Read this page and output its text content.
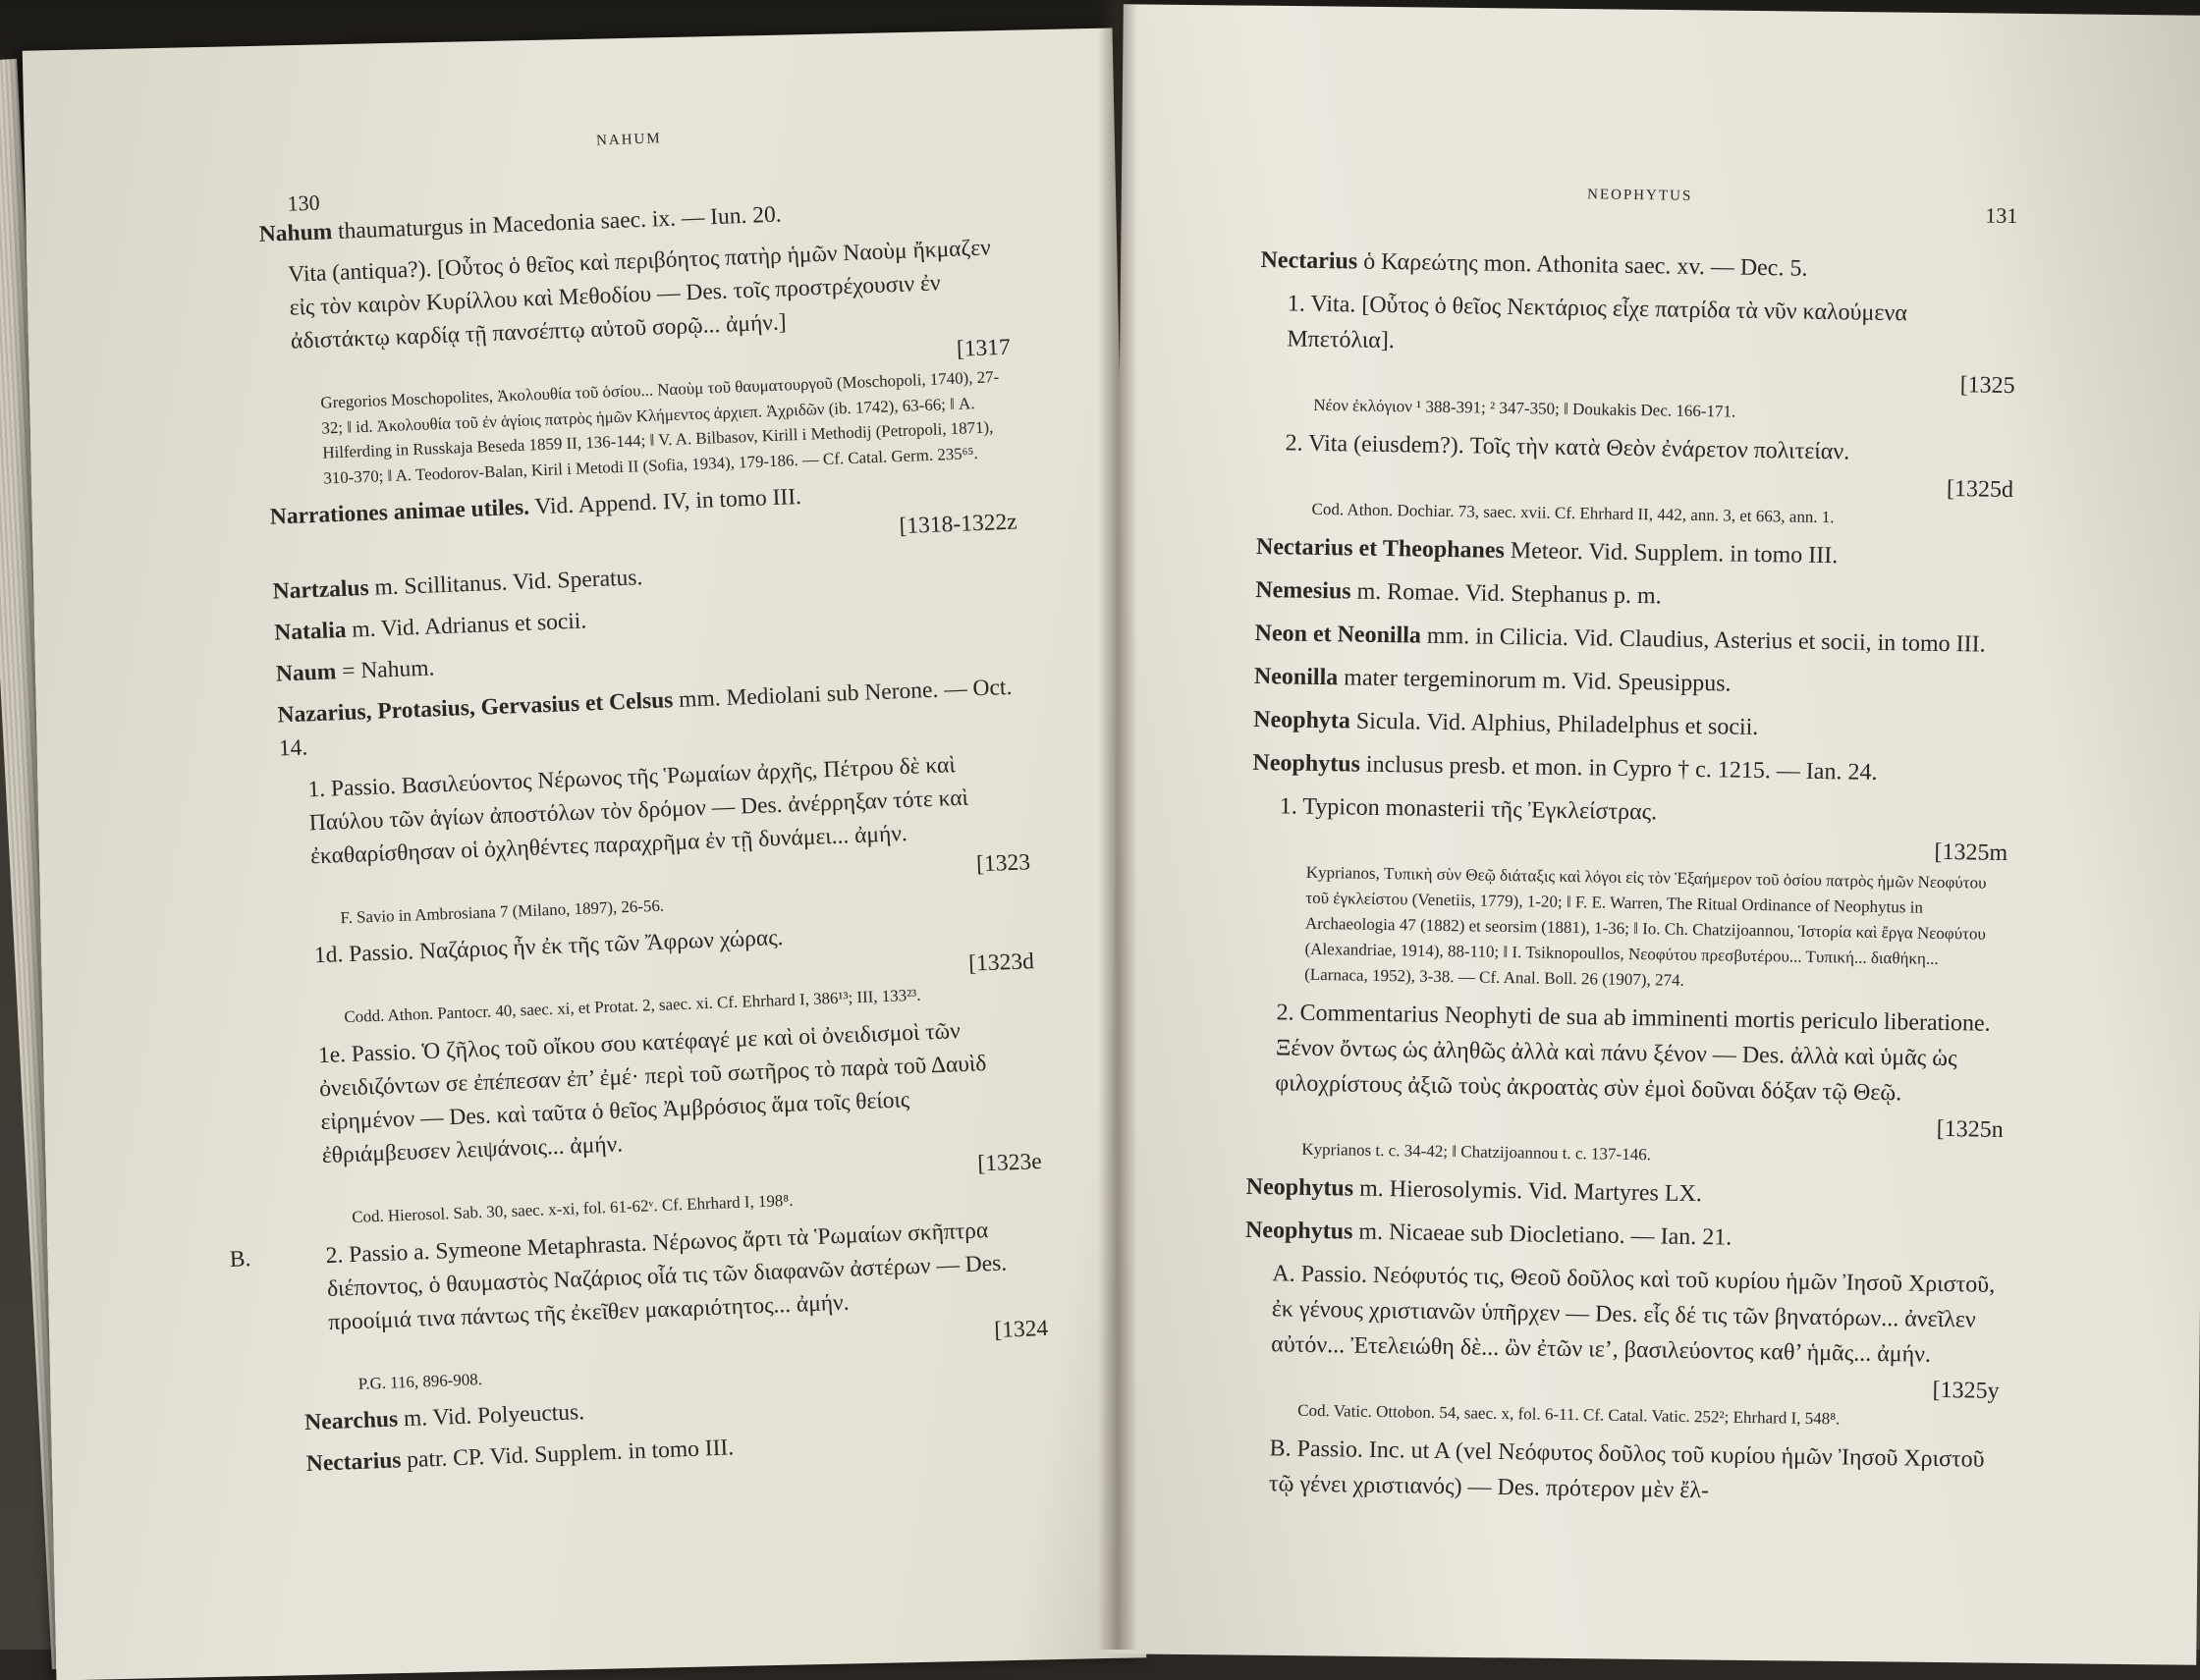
NAHUM
130
Nahum thaumaturgus in Macedonia saec. ix. — Iun. 20.
Vita (antiqua?). [Οὗτος ὁ θεῖος καὶ περιβόητος πατὴρ ἡμῶν Ναοὺμ ἤκμαζεν εἰς τὸν καιρὸν Κυρίλλου καὶ Μεθοδίου — Des. τοῖς προστρέχουσιν ἐν ἀδιστάκτῳ καρδίᾳ τῇ πανσέπτῳ αὐτοῦ σορῷ... ἀμήν.]	[1317
Gregorios Moschopolites, Ἀκολουθία τοῦ ὁσίου... Ναοὺμ τοῦ θαυματουργοῦ (Moschopoli, 1740), 27-32; ‖ id. Ἀκολουθία τοῦ ἐν ἁγίοις πατρὸς ἡμῶν Κλήμεντος ἀρχιεπ. Ἀχριδῶν (ib. 1742), 63-66; ‖ A. Hilferding in Russkaja Beseda 1859 II, 136-144; ‖ V. A. Bilbasov, Kirill i Methodij (Petropoli, 1871), 310-370; ‖ A. Teodorov-Balan, Kiril i Metodi II (Sofia, 1934), 179-186. — Cf. Catal. Germ. 235⁶⁵.
Narrationes animae utiles. Vid. Append. IV, in tomo III.
[1318-1322z
Nartzalus m. Scillitanus. Vid. Speratus.
Natalia m. Vid. Adrianus et socii.
Naum = Nahum.
Nazarius, Protasius, Gervasius et Celsus mm. Mediolani sub Nerone. — Oct. 14.
1. Passio. Βασιλεύοντος Νέρωνος τῆς Ῥωμαίων ἀρχῆς, Πέτρου δὲ καὶ Παύλου τῶν ἁγίων ἀποστόλων τὸν δρόμον — Des. ἀνέρρηξαν τότε καὶ ἐκαθαρίσθησαν οἱ ὀχληθέντες παραχρῆμα ἐν τῇ δυνάμει... ἀμήν.	[1323
F. Savio in Ambrosiana 7 (Milano, 1897), 26-56.
1d. Passio. Ναζάριος ἦν ἐκ τῆς τῶν Ἄφρων χώρας.	[1323d
Codd. Athon. Pantocr. 40, saec. xi, et Protat. 2, saec. xi. Cf. Ehrhard I, 386¹³; III, 133²³.
1e. Passio. Ὁ ζῆλος τοῦ οἴκου σου κατέφαγέ με καὶ οἱ ὀνειδισμοὶ τῶν ὀνειδιζόντων σε ἐπέπεσαν ἐπ’ ἐμέ· περὶ τοῦ σωτῆρος τὸ παρὰ τοῦ Δαυὶδ εἰρημένον — Des. καὶ ταῦτα ὁ θεῖος Ἀμβρόσιος ἅμα τοῖς θείοις ἐθριάμβευσεν λειψάνοις... ἀμήν.	[1323e
Cod. Hierosol. Sab. 30, saec. x-xi, fol. 61-62ᵛ. Cf. Ehrhard I, 198⁸.
B.	2. Passio a. Symeone Metaphrasta. Νέρωνος ἄρτι τὰ Ῥωμαίων σκῆπτρα διέποντος, ὁ θαυμαστὸς Ναζάριος οἷά τις τῶν διαφανῶν ἀστέρων — Des. προοίμιά τινα πάντως τῆς ἐκεῖθεν μακαριότητος... ἀμήν.	[1324
P.G. 116, 896-908.
Nearchus m. Vid. Polyeuctus.
Nectarius patr. CP. Vid. Supplem. in tomo III.
NEOPHYTUS
131
Nectarius ὁ Καρεώτης mon. Athonita saec. xv. — Dec. 5.
1. Vita. [Οὗτος ὁ θεῖος Νεκτάριος εἶχε πατρίδα τὰ νῦν καλούμενα Μπετόλια].
[1325
Νέον ἐκλόγιον ¹ 388-391; ² 347-350; ‖ Doukakis Dec. 166-171.
2. Vita (eiusdem?). Τοῖς τὴν κατὰ Θεὸν ἐνάρετον πολιτείαν.
[1325d
Cod. Athon. Dochiar. 73, saec. xvii. Cf. Ehrhard II, 442, ann. 3, et 663, ann. 1.
Nectarius et Theophanes Meteor. Vid. Supplem. in tomo III.
Nemesius m. Romae. Vid. Stephanus p. m.
Neon et Neonilla mm. in Cilicia. Vid. Claudius, Asterius et socii, in tomo III.
Neonilla mater tergeminorum m. Vid. Speusippus.
Neophyta Sicula. Vid. Alphius, Philadelphus et socii.
Neophytus inclusus presb. et mon. in Cypro † c. 1215. — Ian. 24.
1. Typicon monasterii τῆς Ἐγκλείστρας.
[1325m
Kyprianos, Τυπικὴ σὺν Θεῷ διάταξις καὶ λόγοι εἰς τὸν Ἑξαήμερον τοῦ ὁσίου πατρὸς ἡμῶν Νεοφύτου τοῦ ἐγκλείστου (Venetiis, 1779), 1-20; ‖ F. E. Warren, The Ritual Ordinance of Neophytus in Archaeologia 47 (1882) et seorsim (1881), 1-36; ‖ Io. Ch. Chatzijoannou, Ἱστορία καὶ ἔργα Νεοφύτου (Alexandriae, 1914), 88-110; ‖ I. Tsiknopoullos, Νεοφύτου πρεσβυτέρου... Τυπική... διαθήκη... (Larnaca, 1952), 3-38. — Cf. Anal. Boll. 26 (1907), 274.
2. Commentarius Neophyti de sua ab imminenti mortis periculo liberatione. Ξένον ὄντως ὡς ἀληθῶς ἀλλὰ καὶ πάνυ ξένον — Des. ἀλλὰ καὶ ὑμᾶς ὡς φιλοχρίστους ἀξιῶ τοὺς ἀκροατὰς σὺν ἐμοὶ δοῦναι δόξαν τῷ Θεῷ.
[1325n
Kyprianos t. c. 34-42; ‖ Chatzijoannou t. c. 137-146.
Neophytus m. Hierosolymis. Vid. Martyres LX.
Neophytus m. Nicaeae sub Diocletiano. — Ian. 21.
A. Passio. Νεόφυτός τις, Θεοῦ δοῦλος καὶ τοῦ κυρίου ἡμῶν Ἰησοῦ Χριστοῦ, ἐκ γένους χριστιανῶν ὑπῆρχεν — Des. εἷς δέ τις τῶν βηνατόρων... ἀνεῖλεν αὐτόν... Ἐτελειώθη δὲ... ὢν ἐτῶν ιε’, βασιλεύοντος καθ’ ἡμᾶς... ἀμήν.
[1325y
Cod. Vatic. Ottobon. 54, saec. x, fol. 6-11. Cf. Catal. Vatic. 252²; Ehrhard I, 548⁸.
B. Passio. Inc. ut A (vel Νεόφυτος δοῦλος τοῦ κυρίου ἡμῶν Ἰησοῦ Χριστοῦ τῷ γένει χριστιανός) — Des. πρότερον μὲν ἔλ-
